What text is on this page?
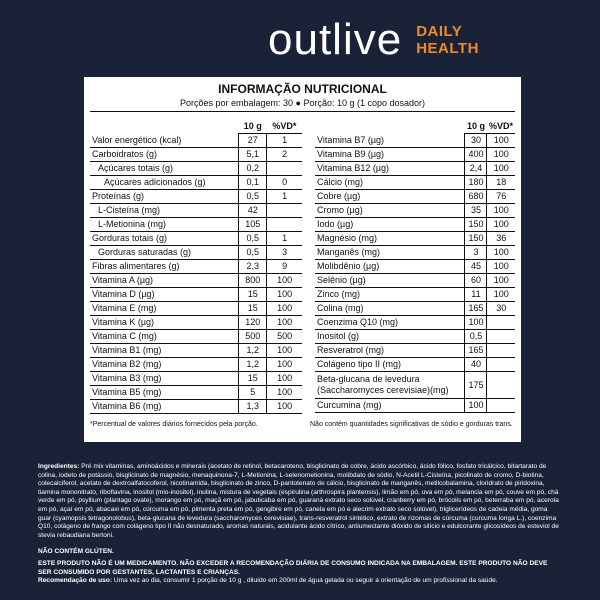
outlive DAILY
HEALTH
INFORMAÇÃO NUTRICIONAL
Porções por embalagem: 30 ● Porção: 10 g (1 copo dosador)
	10 g	%VD*
Valor energético (kcal)	27	1
Carboidratos (g)	5,1	2
Açúcares totais (g)	0,2	
Açúcares adicionados (g)	0,1	0
Proteínas (g)	0,5	1
L-Cisteína (mg)	42	
L-Metionina (mg)	105	
Gorduras totais (g)	0,5	1
Gorduras saturadas (g)	0,5	3
Fibras alimentares (g)	2,3	9
Vitamina A (µg)	800	100
Vitamina D (µg)	15	100
Vitamina E (mg)	15	100
Vitamina K (µg)	120	100
Vitamina C (mg)	500	500
Vitamina B1 (mg)	1,2	100
Vitamina B2 (mg)	1,2	100
Vitamina B3 (mg)	15	100
Vitamina B5 (mg)	5	100
Vitamina B6 (mg)	1,3	100
	10 g	%VD*
Vitamina B7 (µg)	30	100
Vitamina B9 (µg)	400	100
Vitamina B12 (µg)	2,4	100
Cálcio (mg)	180	18
Cobre (µg)	680	76
Cromo (µg)	35	100
Iodo (µg)	150	100
Magnésio (mg)	150	36
Manganês (mg)	3	100
Molibdênio (µg)	45	100
Selênio (µg)	60	100
Zinco (mg)	11	100
Colina (mg)	165	30
Coenzima Q10 (mg)	100	
Inositol (g)	0,5	
Resveratrol (mg)	165	
Colágeno tipo II (mg)	40	
Beta-glucana de levedura (Saccharomyces cerevisiae)(mg)	175	
Curcumina (mg)	100	
*Percentual de valores diários fornecidos pela porção.	Não contém quantidades significativas de sódio e gorduras trans.
Ingredientes: Pré mix vitaminas, aminoácidos e minerais (acetato de retinol, betacaroteno, bisglicinato de cobre, ácido ascórbico, ácido fólico, fosfato tricálcico, bitartarato de colina, iodeto de potássio, bisglicinato de magnésio, menaquinona-7, L-Metionina, L-selenometionina, molibdato de sódio, N-Acetil L-Cisteína, picolinato de cromo, D-biotina, colecalciferol, acetato de dextroalfatocoferol, nicotinamida, bisglicinato de zinco, D-pantotenato de cálcio, bisglicinato de manganês, metilcobalamina, cloridrato de piridoxina, tiamina mononitrato, riboflavina, inositol (mio-inositol), inulina, mistura de vegetais (espirulina (arthrospira plantensis), limão em pó, uva em pó, melancia em pó, couve em pó, chá verde em pó, psyllium (plantago ovate), morango em pó, maçã em pó, jabuticaba em pó, guaraná extrato seco solúvel, cranberry em pó, brócolis em pó, beterraba em pó, acerola em pó, açaí em pó, abacaxi em pó, cúrcuma em pó, pimenta preta em pó, gengibre em pó, canela em pó e alecrim extrato seco solúvel), triglicerídeos de cadeia média, goma guar (cyamopsis tetragonolobus), beta-glucana de levedura (saccharomyces cerevisiae), trans-resveratrol sintético, extrato de rizomas de cúrcuma (curcuma longa L.), coenzima Q10, colágeno de frango com colágeno tipo II não desnaturado, aromas naturais, acidulante ácido cítrico, antiumectante dióxido de silício e edulcorante glicosídeos de esteviol de stevia rebaudiana bertoni.
NÃO CONTÉM GLÚTEN.
ESTE PRODUTO NÃO É UM MEDICAMENTO. NÃO EXCEDER A RECOMENDAÇÃO DIÁRIA DE CONSUMO INDICADA NA EMBALAGEM. ESTE PRODUTO NÃO DEVE SER CONSUMIDO POR GESTANTES, LACTANTES E CRIANÇAS.
Recomendação de uso: Uma vez ao dia, consumir 1 porção de 10 g , diluído em 200ml de água gelada ou seguir a orientação de um profissional da saúde.
